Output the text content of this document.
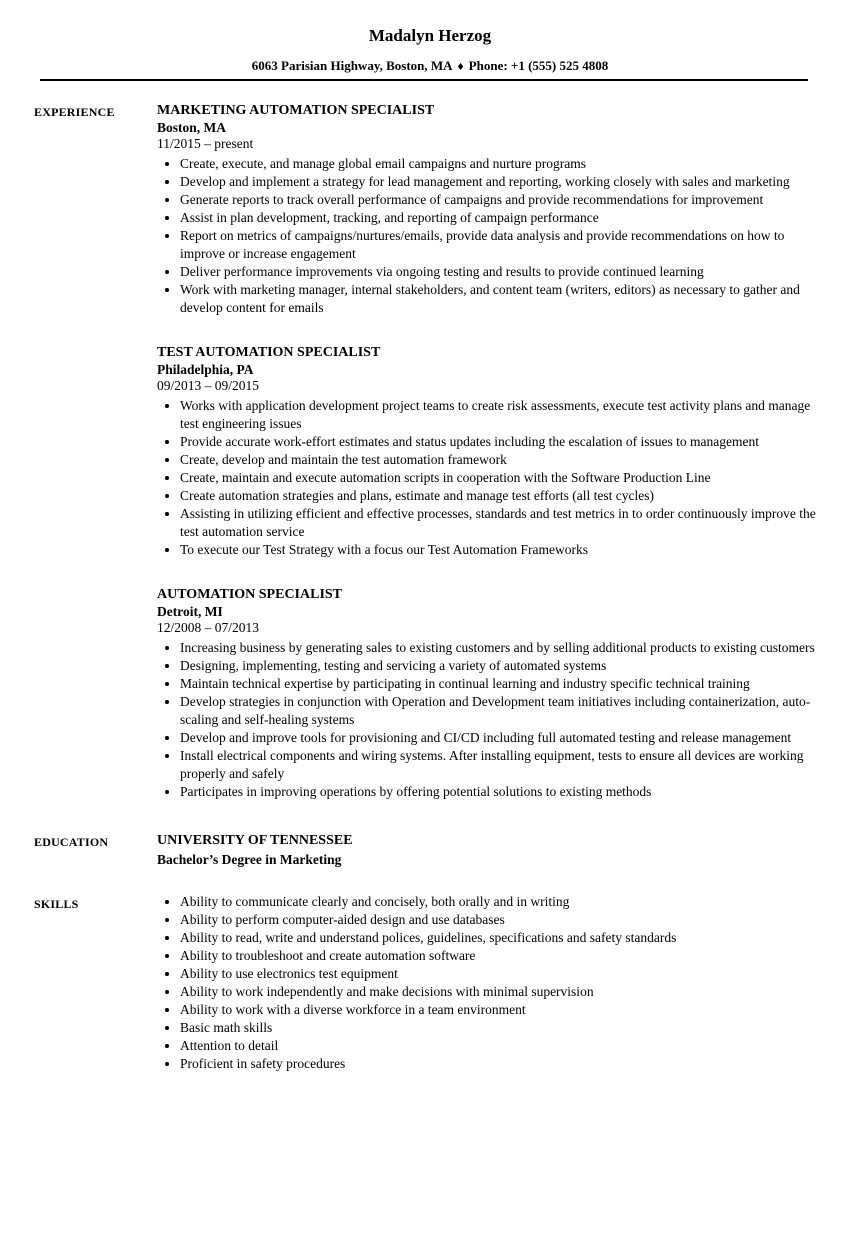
Madalyn Herzog
6063 Parisian Highway, Boston, MA ♦ Phone: +1 (555) 525 4808
EXPERIENCE	MARKETING AUTOMATION SPECIALIST
Boston, MA
11/2015 – present
• Create, execute, and manage global email campaigns and nurture programs
• Develop and implement a strategy for lead management and reporting, working closely with sales and marketing
• Generate reports to track overall performance of campaigns and provide recommendations for improvement
• Assist in plan development, tracking, and reporting of campaign performance
• Report on metrics of campaigns/nurtures/emails, provide data analysis and provide recommendations on how to improve or increase engagement
• Deliver performance improvements via ongoing testing and results to provide continued learning
• Work with marketing manager, internal stakeholders, and content team (writers, editors) as necessary to gather and develop content for emails
TEST AUTOMATION SPECIALIST
Philadelphia, PA
09/2013 – 09/2015
• Works with application development project teams to create risk assessments, execute test activity plans and manage test engineering issues
• Provide accurate work-effort estimates and status updates including the escalation of issues to management
• Create, develop and maintain the test automation framework
• Create, maintain and execute automation scripts in cooperation with the Software Production Line
• Create automation strategies and plans, estimate and manage test efforts (all test cycles)
• Assisting in utilizing efficient and effective processes, standards and test metrics in to order continuously improve the test automation service
• To execute our Test Strategy with a focus our Test Automation Frameworks
AUTOMATION SPECIALIST
Detroit, MI
12/2008 – 07/2013
• Increasing business by generating sales to existing customers and by selling additional products to existing customers
• Designing, implementing, testing and servicing a variety of automated systems
• Maintain technical expertise by participating in continual learning and industry specific technical training
• Develop strategies in conjunction with Operation and Development team initiatives including containerization, auto-scaling and self-healing systems
• Develop and improve tools for provisioning and CI/CD including full automated testing and release management
• Install electrical components and wiring systems. After installing equipment, tests to ensure all devices are working properly and safely
• Participates in improving operations by offering potential solutions to existing methods
EDUCATION	UNIVERSITY OF TENNESSEE
Bachelor’s Degree in Marketing
SKILLS	• Ability to communicate clearly and concisely, both orally and in writing
• Ability to perform computer-aided design and use databases
• Ability to read, write and understand polices, guidelines, specifications and safety standards
• Ability to troubleshoot and create automation software
• Ability to use electronics test equipment
• Ability to work independently and make decisions with minimal supervision
• Ability to work with a diverse workforce in a team environment
• Basic math skills
• Attention to detail
• Proficient in safety procedures
